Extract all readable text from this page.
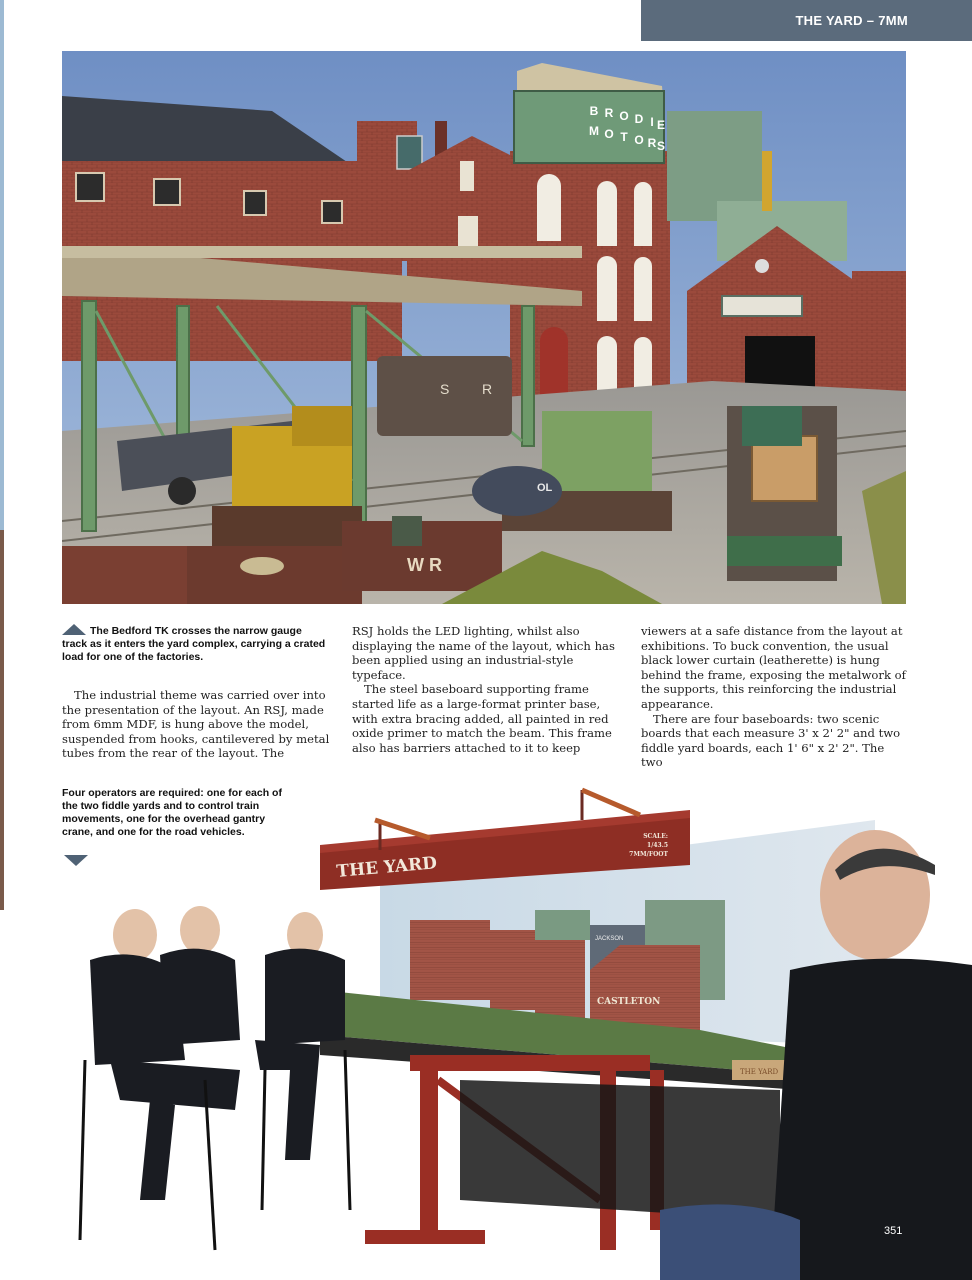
THE YARD – 7MM
B R O D I E
M O T O R S
S R
OL
W R
The Bedford TK crosses the narrow gauge track as it enters the yard complex, carrying a crated load for one of the factories.

The industrial theme was carried over into the presentation of the layout. An RSJ, made from 6mm MDF, is hung above the model, suspended from hooks, cantilevered by metal tubes from the rear of the layout. The

RSJ holds the LED lighting, whilst also displaying the name of the layout, which has been applied using an industrial-style typeface.

The steel baseboard supporting frame started life as a large-format printer base, with extra bracing added, all painted in red oxide primer to match the beam. This frame also has barriers attached to it to keep

viewers at a safe distance from the layout at exhibitions. To buck convention, the usual black lower curtain (leatherette) is hung behind the frame, exposing the metalwork of the supports, this reinforcing the industrial appearance.

There are four baseboards: two scenic boards that each measure 3' x 2' 2" and two fiddle yard boards, each 1' 6" x 2' 2". The two

THE YARD
SCALE:
1/43.5
7MM/FOOT
JACKSON
CASTLETON
THE YARD
Four operators are required: one for each of the two fiddle yards and to control train movements, one for the overhead gantry crane, and one for the road vehicles.
351
